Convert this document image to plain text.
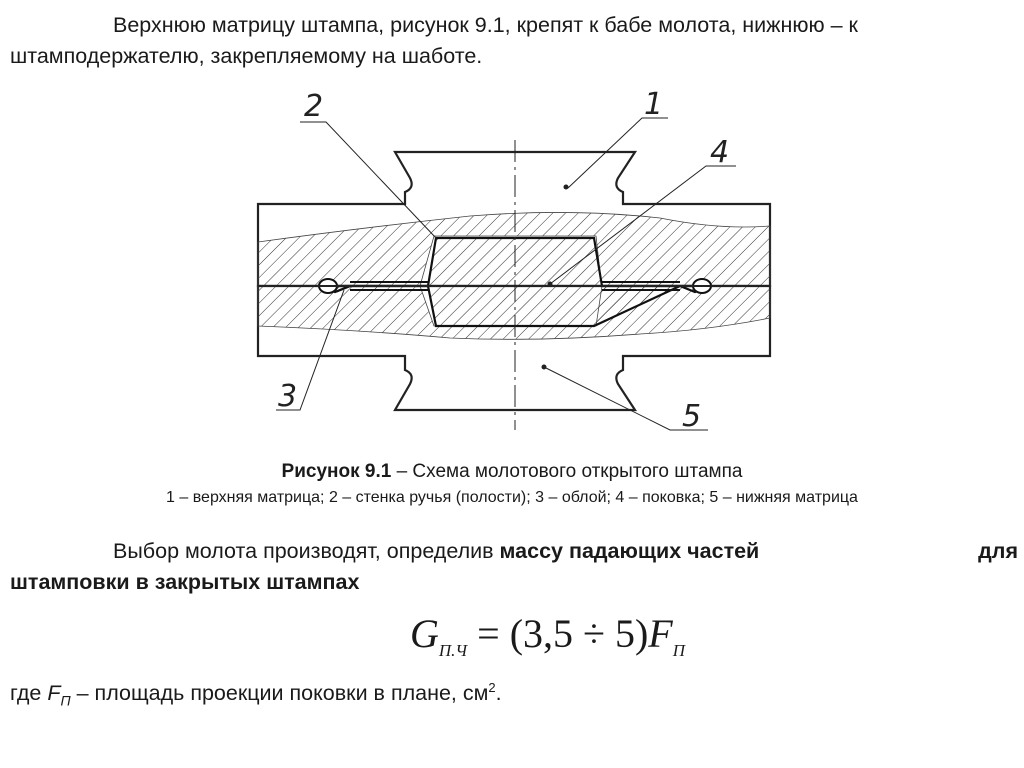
Верхнюю матрицу штампа, рисунок 9.1, крепят к бабе молота, нижнюю – к
штамподержателю, закрепляемому на шаботе.
1
2
3
4
5
Рисунок 9.1 – Схема молотового открытого штампа
1 – верхняя матрица; 2 – стенка ручья (полости); 3 – облой; 4 – поковка; 5 – нижняя матрица
Выбор молота производят, определив массу падающих частей	для
штамповки в закрытых штампах
$G_{П.Ч} = (3,5 \div 5)F_П$
где $F_П$ – площадь проекции поковки в плане, $см^2$.
